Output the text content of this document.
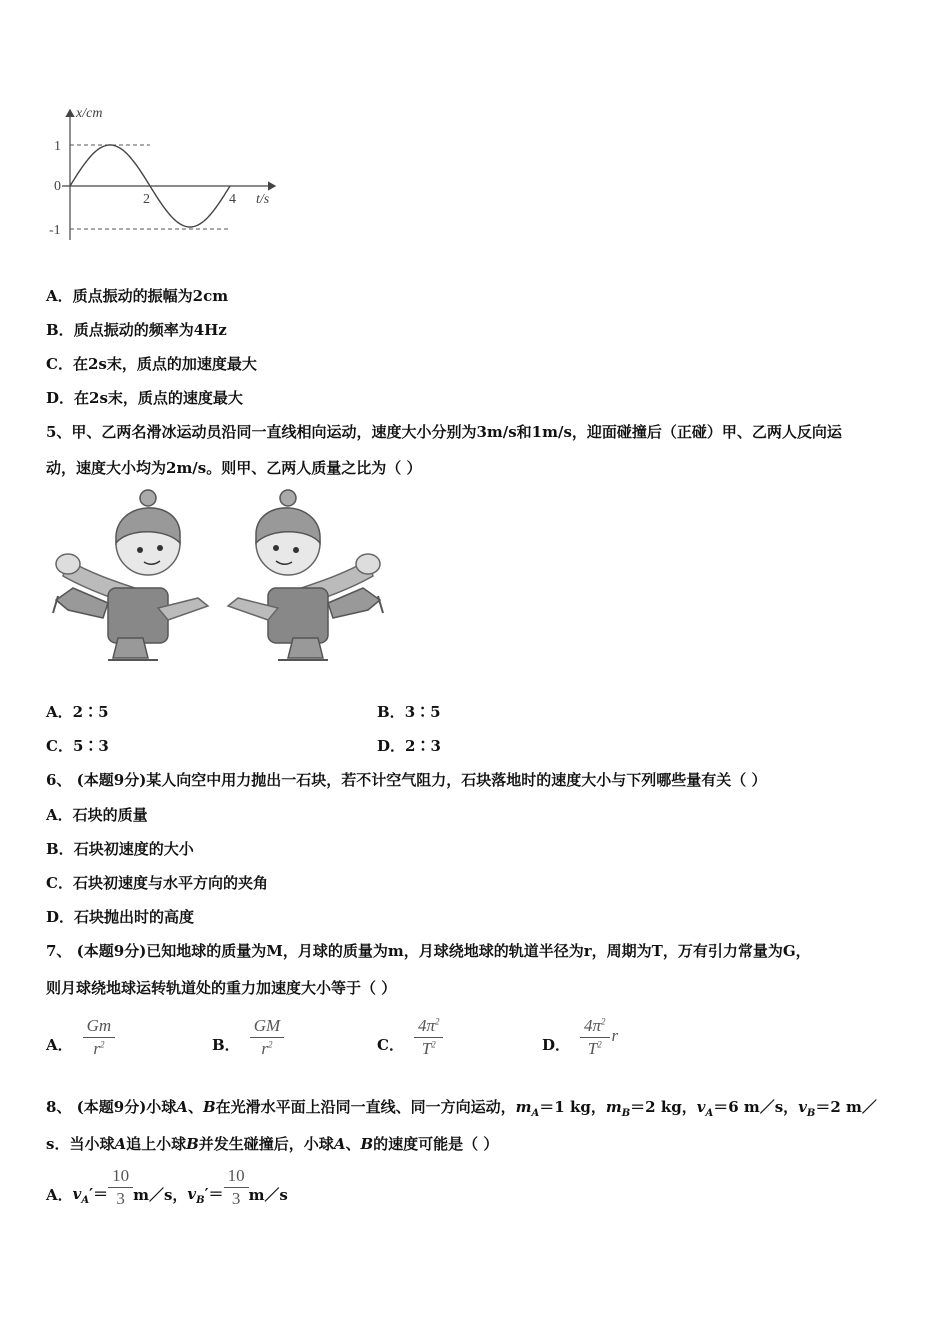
x/cm
t/s
1
0
-1
2	4
A．质点振动的振幅为2cm
B．质点振动的频率为4Hz
C．在2s末，质点的加速度最大
D．在2s末，质点的速度最大
5、甲、乙两名滑冰运动员沿同一直线相向运动，速度大小分别为3m/s和1m/s，迎面碰撞后（正碰）甲、乙两人反向运
动，速度大小均为2m/s。则甲、乙两人质量之比为（ ）
A．2∶5	B．3∶5
C．5∶3	D．2∶3
6、 (本题9分)某人向空中用力抛出一石块，若不计空气阻力，石块落地时的速度大小与下列哪些量有关（ ）
A．石块的质量
B．石块初速度的大小
C．石块初速度与水平方向的夹角
D．石块抛出时的高度
7、 (本题9分)已知地球的质量为M，月球的质量为m，月球绕地球的轨道半径为r，周期为T，万有引力常量为G，
则月球绕地球运转轨道处的重力加速度大小等于（ ）
A． $\frac{Gm}{r^2}$	B． $\frac{GM}{r^2}$	C． $\frac{4\pi^2}{T^2}$	D． $\frac{4\pi^2}{T^2}$ r
8、 (本题9分)小球A、B在光滑水平面上沿同一直线、同一方向运动，$m_A=1$ kg，$m_B=2$ kg，$v_A=6$ m／s，$v_B=2$ m／
s．当小球A追上小球B并发生碰撞后，小球A、B的速度可能是（ ）
A． $v_A'= \frac{10}{3}$ m／s， $v_B'= \frac{10}{3}$ m／s
